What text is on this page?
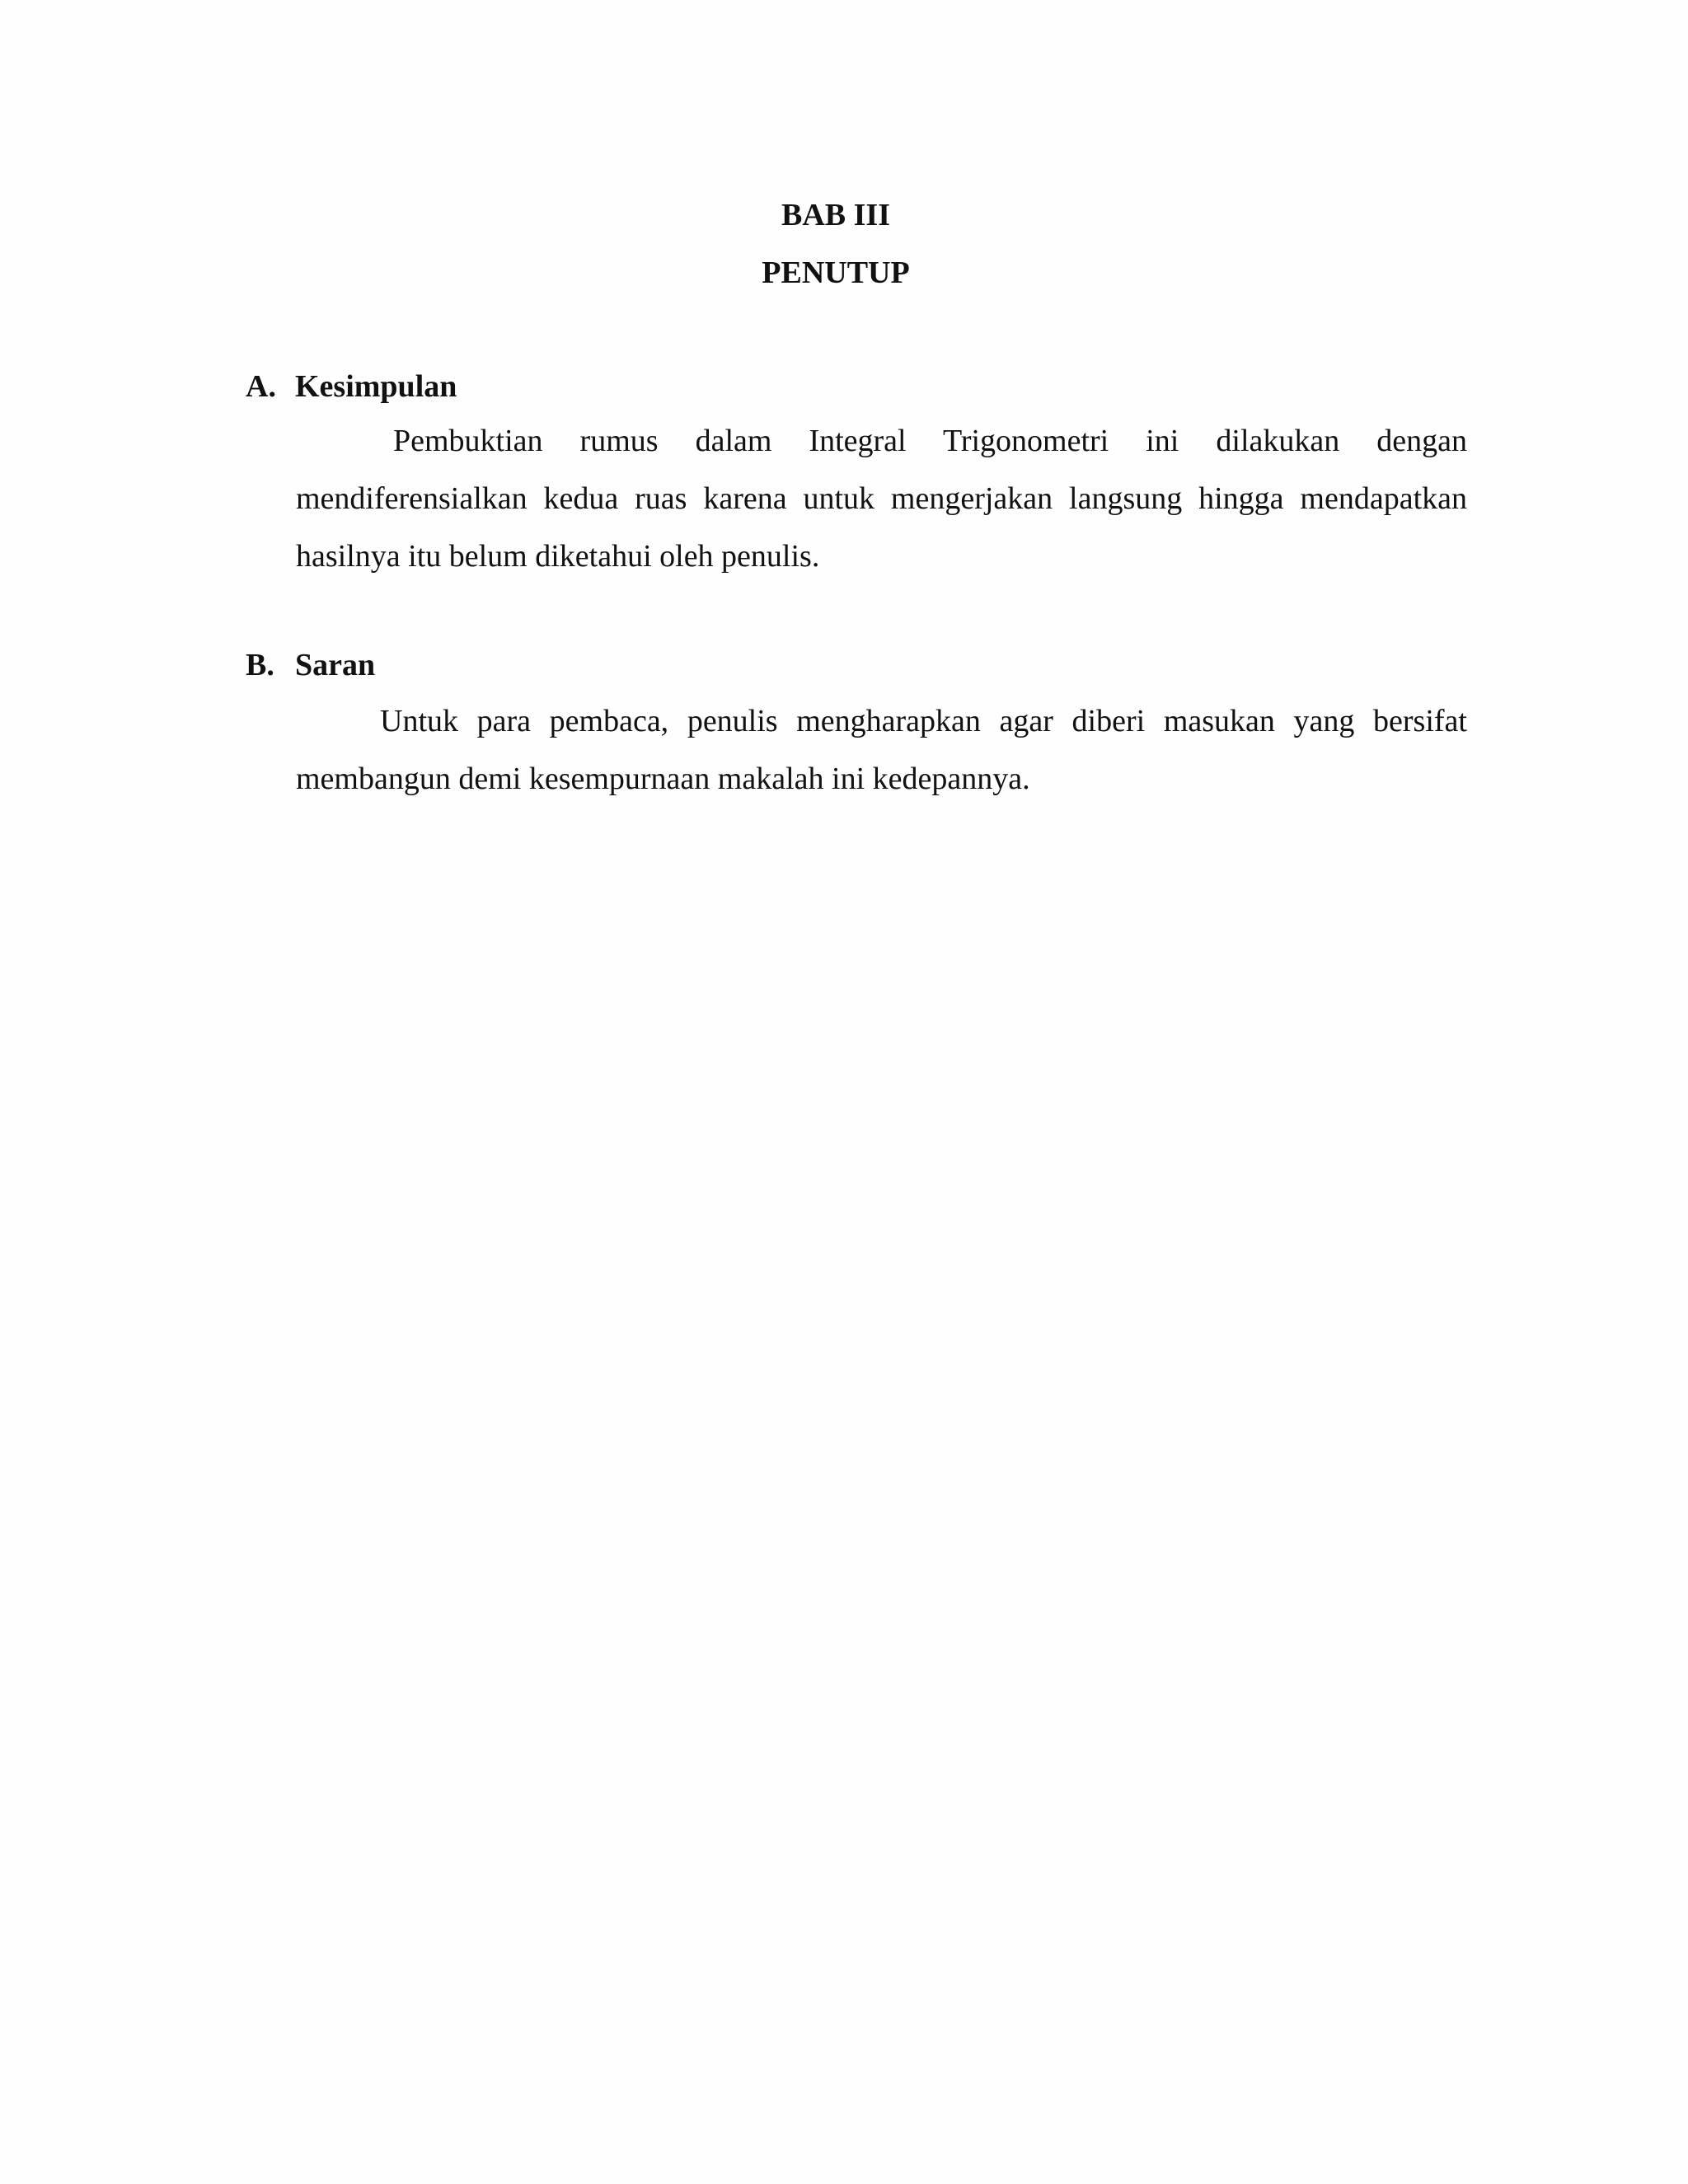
BAB III
PENUTUP
A. Kesimpulan
Pembuktian rumus dalam Integral Trigonometri ini dilakukan dengan mendiferensialkan kedua ruas karena untuk mengerjakan langsung hingga mendapatkan hasilnya itu belum diketahui oleh penulis.
B. Saran
Untuk para pembaca, penulis mengharapkan agar diberi masukan yang bersifat membangun demi kesempurnaan makalah ini kedepannya.
